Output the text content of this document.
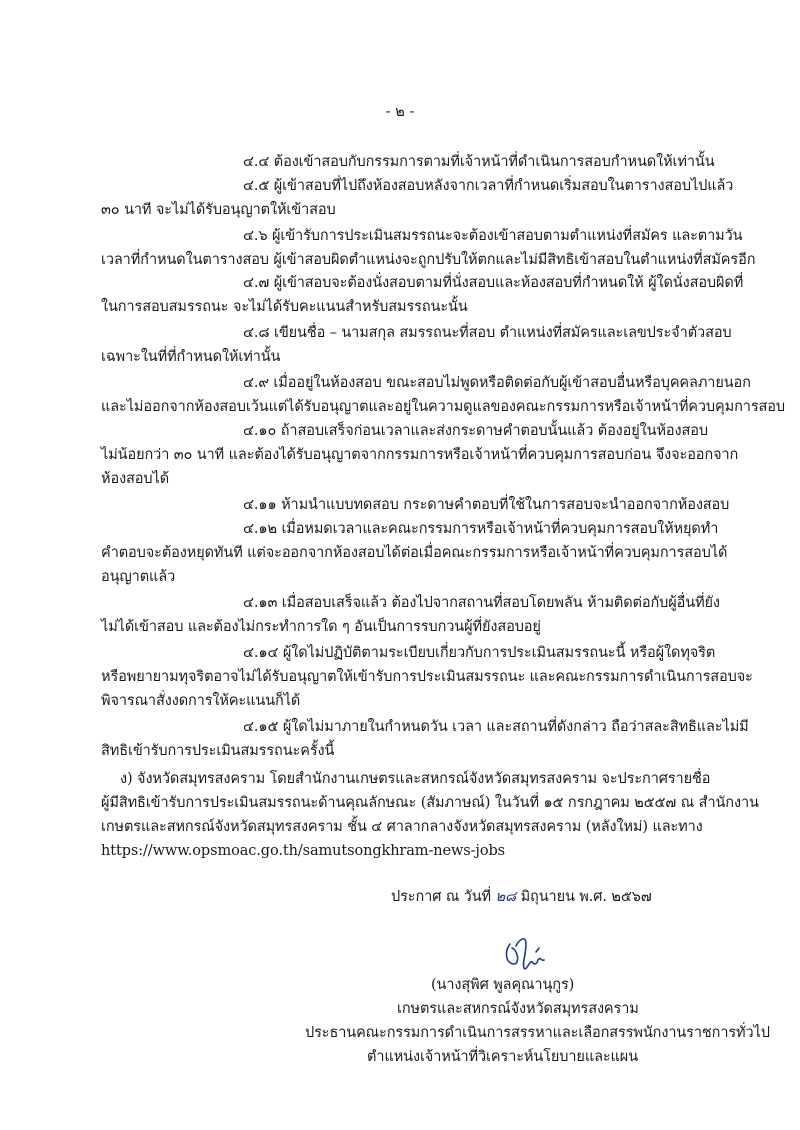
- ๒ -
๔.๔ ต้องเข้าสอบกับกรรมการตามที่เจ้าหน้าที่ดำเนินการสอบกำหนดให้เท่านั้น
๔.๕ ผู้เข้าสอบที่ไปถึงห้องสอบหลังจากเวลาที่กำหนดเริ่มสอบในตารางสอบไปแล้ว
๓๐ นาที จะไม่ได้รับอนุญาตให้เข้าสอบ
๔.๖ ผู้เข้ารับการประเมินสมรรถนะจะต้องเข้าสอบตามตำแหน่งที่สมัคร และตามวัน
เวลาที่กำหนดในตารางสอบ ผู้เข้าสอบผิดตำแหน่งจะถูกปรับให้ตกและไม่มีสิทธิเข้าสอบในตำแหน่งที่สมัครอีก
๔.๗ ผู้เข้าสอบจะต้องนั่งสอบตามที่นั่งสอบและห้องสอบที่กำหนดให้ ผู้ใดนั่งสอบผิดที่
ในการสอบสมรรถนะ จะไม่ได้รับคะแนนสำหรับสมรรถนะนั้น
๔.๘ เขียนชื่อ – นามสกุล สมรรถนะที่สอบ ตำแหน่งที่สมัครและเลขประจำตัวสอบ
เฉพาะในที่ที่กำหนดให้เท่านั้น
๔.๙ เมื่ออยู่ในห้องสอบ ขณะสอบไม่พูดหรือติดต่อกับผู้เข้าสอบอื่นหรือบุคคลภายนอก
และไม่ออกจากห้องสอบเว้นแต่ได้รับอนุญาตและอยู่ในความดูแลของคณะกรรมการหรือเจ้าหน้าที่ควบคุมการสอบ
๔.๑๐ ถ้าสอบเสร็จก่อนเวลาและส่งกระดาษคำตอบนั้นแล้ว ต้องอยู่ในห้องสอบ
ไม่น้อยกว่า ๓๐ นาที และต้องได้รับอนุญาตจากกรรมการหรือเจ้าหน้าที่ควบคุมการสอบก่อน จึงจะออกจาก
ห้องสอบได้
๔.๑๑ ห้ามนำแบบทดสอบ กระดาษคำตอบที่ใช้ในการสอบจะนำออกจากห้องสอบ
๔.๑๒ เมื่อหมดเวลาและคณะกรรมการหรือเจ้าหน้าที่ควบคุมการสอบให้หยุดทำ
คำตอบจะต้องหยุดทันที แต่จะออกจากห้องสอบได้ต่อเมื่อคณะกรรมการหรือเจ้าหน้าที่ควบคุมการสอบได้
อนุญาตแล้ว
๔.๑๓ เมื่อสอบเสร็จแล้ว ต้องไปจากสถานที่สอบโดยพลัน ห้ามติดต่อกับผู้อื่นที่ยัง
ไม่ได้เข้าสอบ และต้องไม่กระทำการใด ๆ อันเป็นการรบกวนผู้ที่ยังสอบอยู่
๔.๑๔ ผู้ใดไม่ปฏิบัติตามระเบียบเกี่ยวกับการประเมินสมรรถนะนี้ หรือผู้ใดทุจริต
หรือพยายามทุจริตอาจไม่ได้รับอนุญาตให้เข้ารับการประเมินสมรรถนะ และคณะกรรมการดำเนินการสอบจะ
พิจารณาสั่งงดการให้คะแนนก็ได้
๔.๑๕ ผู้ใดไม่มาภายในกำหนดวัน เวลา และสถานที่ดังกล่าว ถือว่าสละสิทธิและไม่มี
สิทธิเข้ารับการประเมินสมรรถนะครั้งนี้
ง) จังหวัดสมุทรสงคราม โดยสำนักงานเกษตรและสหกรณ์จังหวัดสมุทรสงคราม จะประกาศรายชื่อ
ผู้มีสิทธิเข้ารับการประเมินสมรรถนะด้านคุณลักษณะ (สัมภาษณ์) ในวันที่ ๑๕ กรกฎาคม ๒๕๕๗ ณ สำนักงาน
เกษตรและสหกรณ์จังหวัดสมุทรสงคราม ชั้น ๔ ศาลากลางจังหวัดสมุทรสงคราม (หลังใหม่) และทาง
https://www.opsmoac.go.th/samutsongkhram-news-jobs
ประกาศ ณ วันที่ ๒๘ มิถุนายน พ.ศ. ๒๕๖๗
(นางสุพิศ พูลคุณานุกูร)
เกษตรและสหกรณ์จังหวัดสมุทรสงคราม
ประธานคณะกรรมการดำเนินการสรรหาและเลือกสรรพนักงานราชการทั่วไป
ตำแหน่งเจ้าหน้าที่วิเคราะห์นโยบายและแผน
